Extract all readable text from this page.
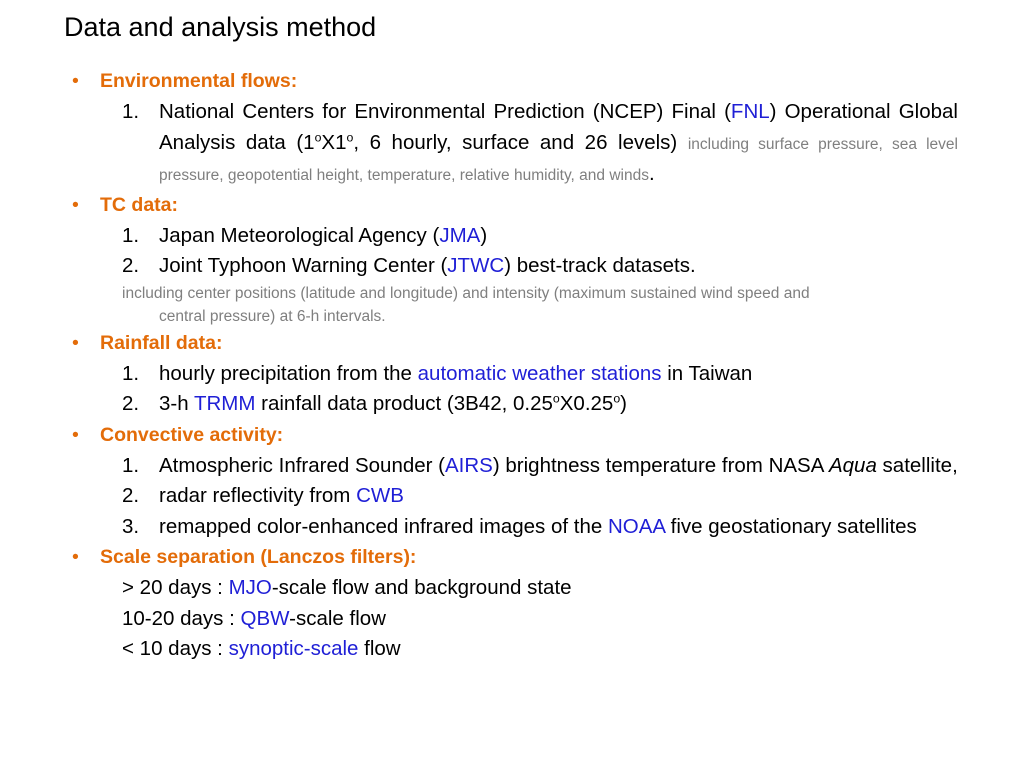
Data and analysis method
• Environmental flows:
1. National Centers for Environmental Prediction (NCEP) Final (FNL) Operational Global Analysis data (1$^o$X1$^o$, 6 hourly, surface and 26 levels) including surface pressure, sea level pressure, geopotential height, temperature, relative humidity, and winds.
• TC data:
1. Japan Meteorological Agency (JMA)
2. Joint Typhoon Warning Center (JTWC) best-track datasets.
including center positions (latitude and longitude) and intensity (maximum sustained wind speed and
central pressure) at 6-h intervals.
• Rainfall data:
1. hourly precipitation from the automatic weather stations in Taiwan
2. 3-h TRMM rainfall data product (3B42, 0.25$^o$X0.25$^o$)
• Convective activity:
1. Atmospheric Infrared Sounder (AIRS) brightness temperature from NASA Aqua satellite,
2. radar reflectivity from CWB
3. remapped color-enhanced infrared images of the NOAA five geostationary satellites
• Scale separation (Lanczos filters):
> 20 days : MJO-scale flow and background state
10-20 days : QBW-scale flow
< 10 days : synoptic-scale flow
